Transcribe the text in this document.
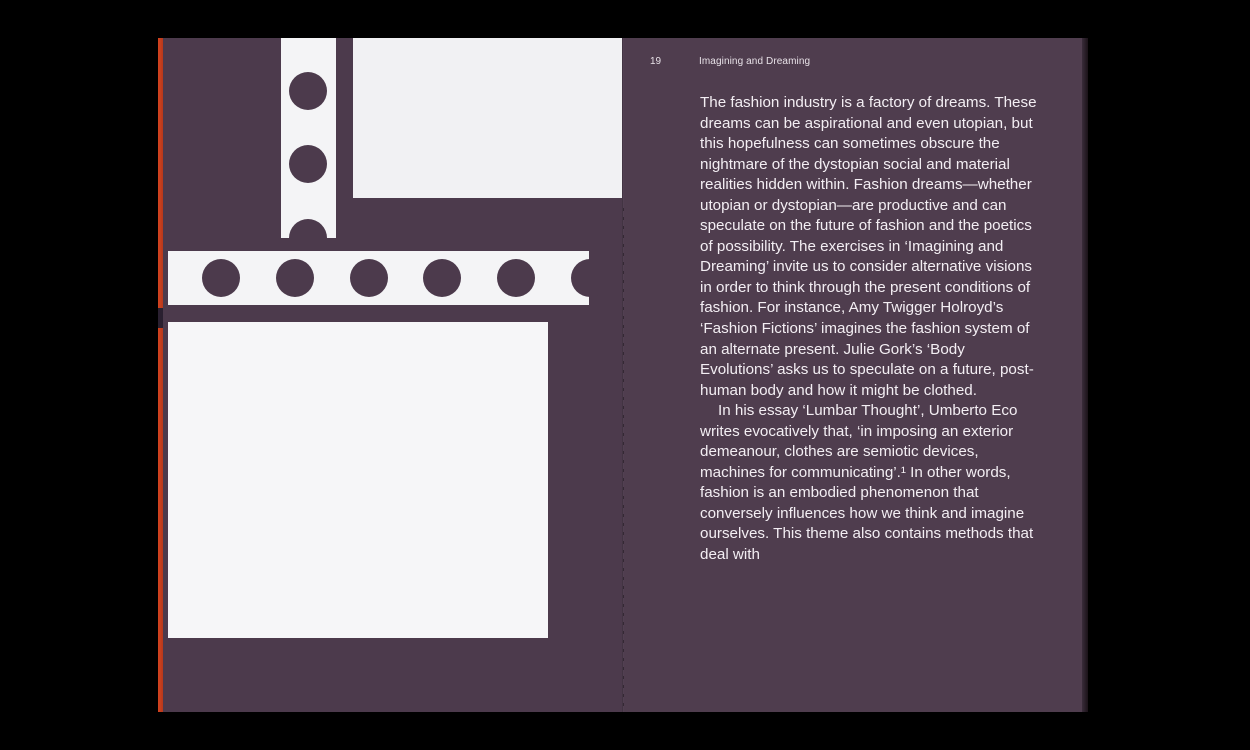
19	Imagining and Dreaming

The fashion industry is a factory of dreams. These dreams can be aspirational and even utopian, but this hopefulness can sometimes obscure the nightmare of the dystopian social and material realities hidden within. Fashion dreams—whether utopian or dystopian—are productive and can speculate on the future of fashion and the poetics of possibility. The exercises in ‘Imagining and Dreaming’ invite us to consider alternative visions in order to think through the present conditions of fashion. For instance, Amy Twigger Holroyd’s ‘Fashion Fictions’ imagines the fashion system of an alternate present. Julie Gork’s ‘Body Evolutions’ asks us to speculate on a future, post-human body and how it might be clothed.

In his essay ‘Lumbar Thought’, Umberto Eco writes evocatively that, ‘in imposing an exterior demeanour, clothes are semiotic devices, machines for communicating’.¹ In other words, fashion is an embodied phenomenon that conversely influences how we think and imagine ourselves. This theme also contains methods that deal with
